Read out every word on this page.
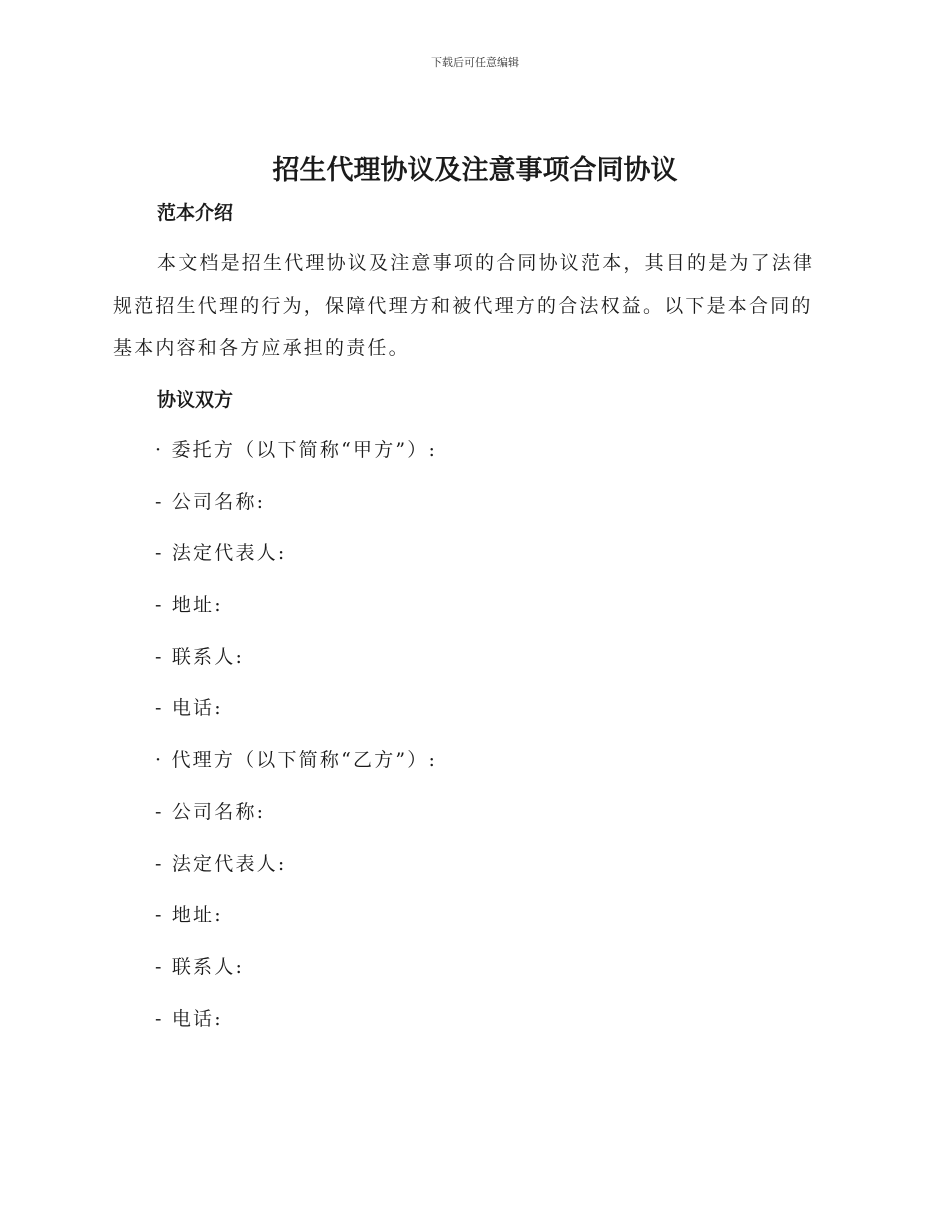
下载后可任意编辑
招生代理协议及注意事项合同协议
范本介绍

本文档是招生代理协议及注意事项的合同协议范本，其目的是为了法律规范招生代理的行为，保障代理方和被代理方的合法权益。以下是本合同的基本内容和各方应承担的责任。

协议双方
· 委托方（以下简称“甲方”）:
- 公司名称:
- 法定代表人:
- 地址:
- 联系人:
- 电话:
· 代理方（以下简称“乙方”）:
- 公司名称:
- 法定代表人:
- 地址:
- 联系人:
- 电话:
